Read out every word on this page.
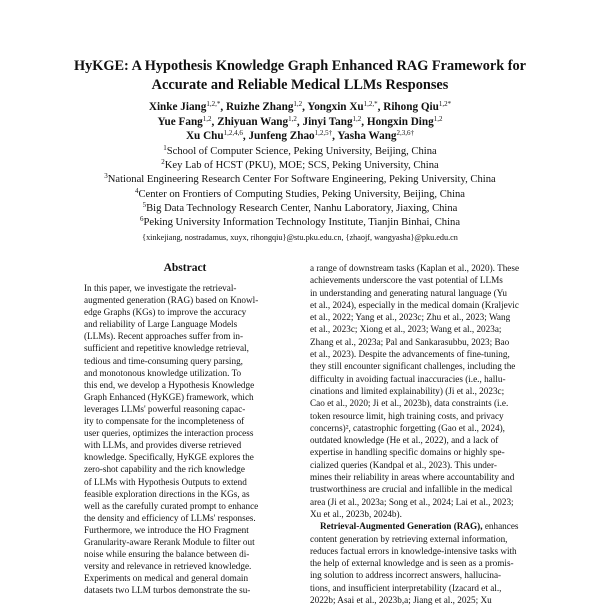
HyKGE: A Hypothesis Knowledge Graph Enhanced RAG Framework for
Accurate and Reliable Medical LLMs Responses
Xinke Jiang$^{1,2,*}$, Ruizhe Zhang$^{1,2}$, Yongxin $Xu^{1,2,*}$, Rihong Qiu$^{1,2*}$
Yue Fang$^{1,2}$, Zhiyuan Wang$^{1,2}$, Jinyi Tang$^{1,2}$, Hongxin Ding$^{1,2}$
Xu Chu$^{1,2,4,6}$, Junfeng Zhao$^{1,2,5\dagger}$, Yasha Wang$^{2,3,6\dagger}$
$^1$School of Computer Science, Peking University, Beijing, China
$^2$Key Lab of HCST (PKU), MOE; SCS, Peking University, China
$^3$National Engineering Research Center For Software Engineering, Peking University, China
$^4$Center on Frontiers of Computing Studies, Peking University, Beijing, China
$^5$Big Data Technology Research Center, Nanhu Laboratory, Jiaxing, China
$^6$Peking University Information Technology Institute, Tianjin Binhai, China
{xinkejiang, nostradamus, xuyx, rihongqiu}@stu.pku.edu.cn, {zhaojf, wangyasha}@pku.edu.cn
Abstract
In this paper, we investigate the retrieval-
augmented generation (RAG) based on Knowl-
edge Graphs (KGs) to improve the accuracy
and reliability of Large Language Models
(LLMs). Recent approaches suffer from in-
sufficient and repetitive knowledge retrieval,
tedious and time-consuming query parsing,
and monotonous knowledge utilization. To
this end, we develop a Hypothesis Knowledge
Graph Enhanced (HyKGE) framework, which
leverages LLMs' powerful reasoning capac-
ity to compensate for the incompleteness of
user queries, optimizes the interaction process
with LLMs, and provides diverse retrieved
knowledge. Specifically, HyKGE explores the
zero-shot capability and the rich knowledge
of LLMs with Hypothesis Outputs to extend
feasible exploration directions in the KGs, as
well as the carefully curated prompt to enhance
the density and efficiency of LLMs' responses.
Furthermore, we introduce the HO Fragment
Granularity-aware Rerank Module to filter out
noise while ensuring the balance between di-
versity and relevance in retrieved knowledge.
Experiments on medical and general domain
datasets two LLM turbos demonstrate the su-
a range of downstream tasks (Kaplan et al., 2020). These
achievements underscore the vast potential of LLMs
in understanding and generating natural language (Yu
et al., 2024), especially in the medical domain (Kraljevic
et al., 2022; Yang et al., 2023c; Zhu et al., 2023; Wang
et al., 2023c; Xiong et al., 2023; Wang et al., 2023a;
Zhang et al., 2023a; Pal and Sankarasubbu, 2023; Bao
et al., 2023). Despite the advancements of fine-tuning,
they still encounter significant challenges, including the
difficulty in avoiding factual inaccuracies (i.e., hallu-
cinations and limited explainability) (Ji et al., 2023c;
Cao et al., 2020; Ji et al., 2023b), data constraints (i.e.
token resource limit, high training costs, and privacy
concerns)², catastrophic forgetting (Gao et al., 2024),
outdated knowledge (He et al., 2022), and a lack of
expertise in handling specific domains or highly spe-
cialized queries (Kandpal et al., 2023). This under-
mines their reliability in areas where accountability and
trustworthiness are crucial and infallible in the medical
area (Ji et al., 2023a; Song et al., 2024; Lai et al., 2023;
Xu et al., 2023b, 2024b).
Retrieval-Augmented Generation (RAG), enhances
content generation by retrieving external information,
reduces factual errors in knowledge-intensive tasks with
the help of external knowledge and is seen as a promis-
ing solution to address incorrect answers, hallucina-
tions, and insufficient interpretability (Izacard et al.,
2022b; Asai et al., 2023b,a; Jiang et al., 2025; Xu
